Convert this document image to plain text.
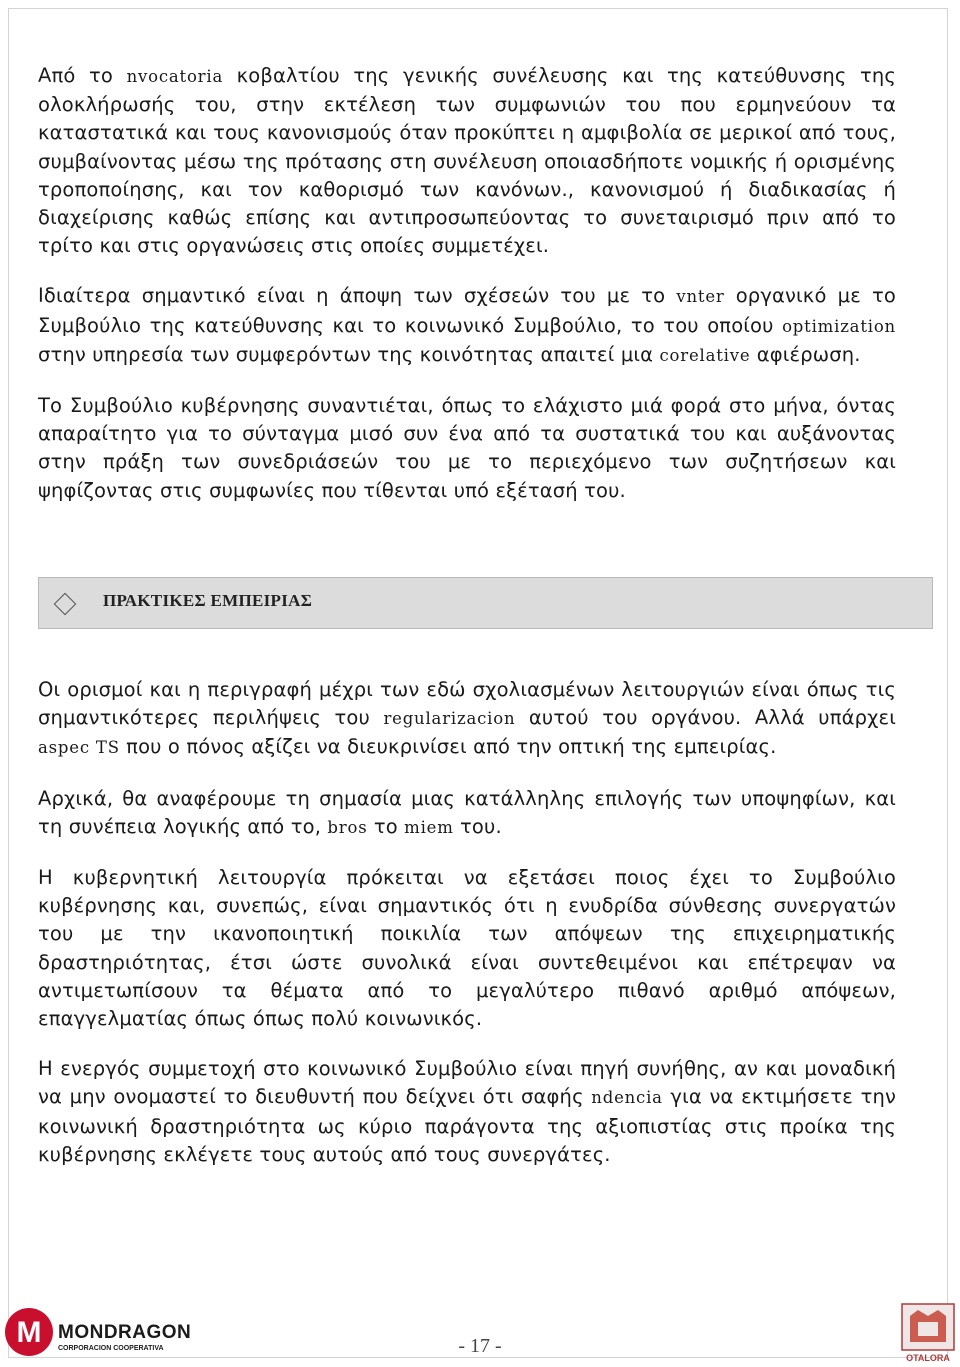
Από το nvocatoria κοβαλτίου της γενικής συνέλευσης και της κατεύθυνσης της ολοκλήρωσής του, στην εκτέλεση των συμφωνιών του που ερμηνεύουν τα καταστατικά και τους κανονισμούς όταν προκύπτει η αμφιβολία σε μερικοί από τους, συμβαίνοντας μέσω της πρότασης στη συνέλευση οποιασδήποτε νομικής ή ορισμένης τροποποίησης, και τον καθορισμό των κανόνων., κανονισμού ή διαδικασίας ή διαχείρισης καθώς επίσης και αντιπροσωπεύοντας το συνεταιρισμό πριν από το τρίτο και στις οργανώσεις στις οποίες συμμετέχει.

Ιδιαίτερα σημαντικό είναι η άποψη των σχέσεών του με το vnter οργανικό με το Συμβούλιο της κατεύθυνσης και το κοινωνικό Συμβούλιο, το του οποίου optimization στην υπηρεσία των συμφερόντων της κοινότητας απαιτεί μια corelative αφιέρωση.

Το Συμβούλιο κυβέρνησης συναντιέται, όπως το ελάχιστο μιά φορά στο μήνα, όντας απαραίτητο για το σύνταγμα μισό συν ένα από τα συστατικά του και αυξάνοντας στην πράξη των συνεδριάσεών του με το περιεχόμενο των συζητήσεων και ψηφίζοντας στις συμφωνίες που τίθενται υπό εξέτασή του.

ΠΡΑΚΤΙΚΕΣ ΕΜΠΕΙΡΙΑΣ

Οι ορισμοί και η περιγραφή μέχρι των εδώ σχολιασμένων λειτουργιών είναι όπως τις σημαντικότερες περιλήψεις του regularizacion αυτού του οργάνου. Αλλά υπάρχει aspec TS που ο πόνος αξίζει να διευκρινίσει από την οπτική της εμπειρίας.

Αρχικά, θα αναφέρουμε τη σημασία μιας κατάλληλης επιλογής των υποψηφίων, και τη συνέπεια λογικής από το, bros το miem του.

Η κυβερνητική λειτουργία πρόκειται να εξετάσει ποιος έχει το Συμβούλιο κυβέρνησης και, συνεπώς, είναι σημαντικός ότι η ενυδρίδα σύνθεσης συνεργατών του με την ικανοποιητική ποικιλία των απόψεων της επιχειρηματικής δραστηριότητας, έτσι ώστε συνολικά είναι συντεθειμένοι και επέτρεψαν να αντιμετωπίσουν τα θέματα από το μεγαλύτερο πιθανό αριθμό απόψεων, επαγγελματίας όπως όπως πολύ κοινωνικός.

Η ενεργός συμμετοχή στο κοινωνικό Συμβούλιο είναι πηγή συνήθης, αν και μοναδική να μην ονομαστεί το διευθυντή που δείχνει ότι σαφής ndencia για να εκτιμήσετε την κοινωνική δραστηριότητα ως κύριο παράγοντα της αξιοπιστίας στις προίκα της κυβέρνησης εκλέγετε τους αυτούς από τους συνεργάτες.

M MONDRAGON
CORPORACION COOPERATIVA	- 17 -
OTALORA
